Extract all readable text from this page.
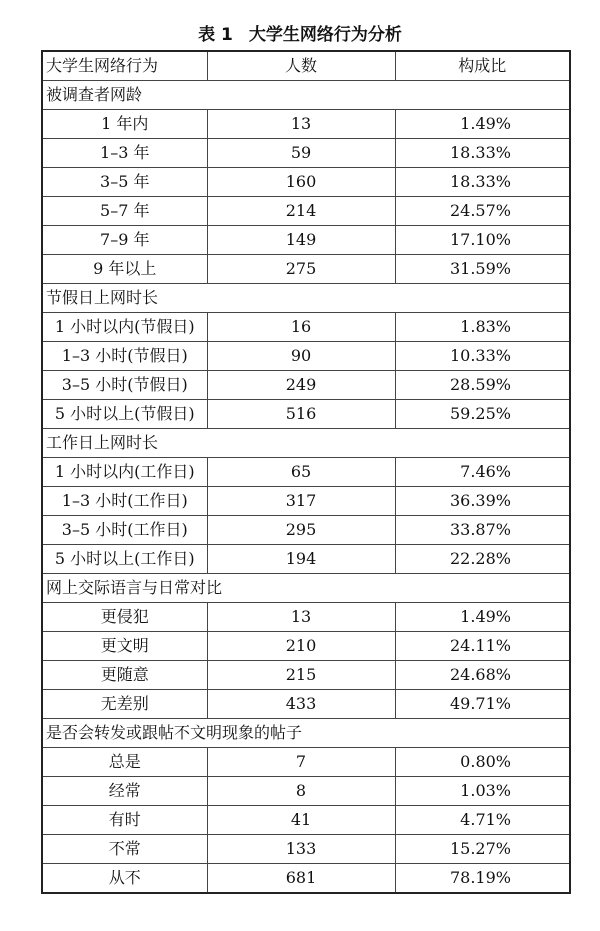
表 1 大学生网络行为分析
大学生网络行为	人数	构成比
被调查者网龄		
1 年内	13	1.49%
1–3 年	59	18.33%
3–5 年	160	18.33%
5–7 年	214	24.57%
7–9 年	149	17.10%
9 年以上	275	31.59%
节假日上网时长		
1 小时以内(节假日)	16	1.83%
1–3 小时(节假日)	90	10.33%
3–5 小时(节假日)	249	28.59%
5 小时以上(节假日)	516	59.25%
工作日上网时长		
1 小时以内(工作日)	65	7.46%
1–3 小时(工作日)	317	36.39%
3–5 小时(工作日)	295	33.87%
5 小时以上(工作日)	194	22.28%
网上交际语言与日常对比		
更侵犯	13	1.49%
更文明	210	24.11%
更随意	215	24.68%
无差别	433	49.71%
是否会转发或跟帖不文明现象的帖子		
总是	7	0.80%
经常	8	1.03%
有时	41	4.71%
不常	133	15.27%
从不	681	78.19%
